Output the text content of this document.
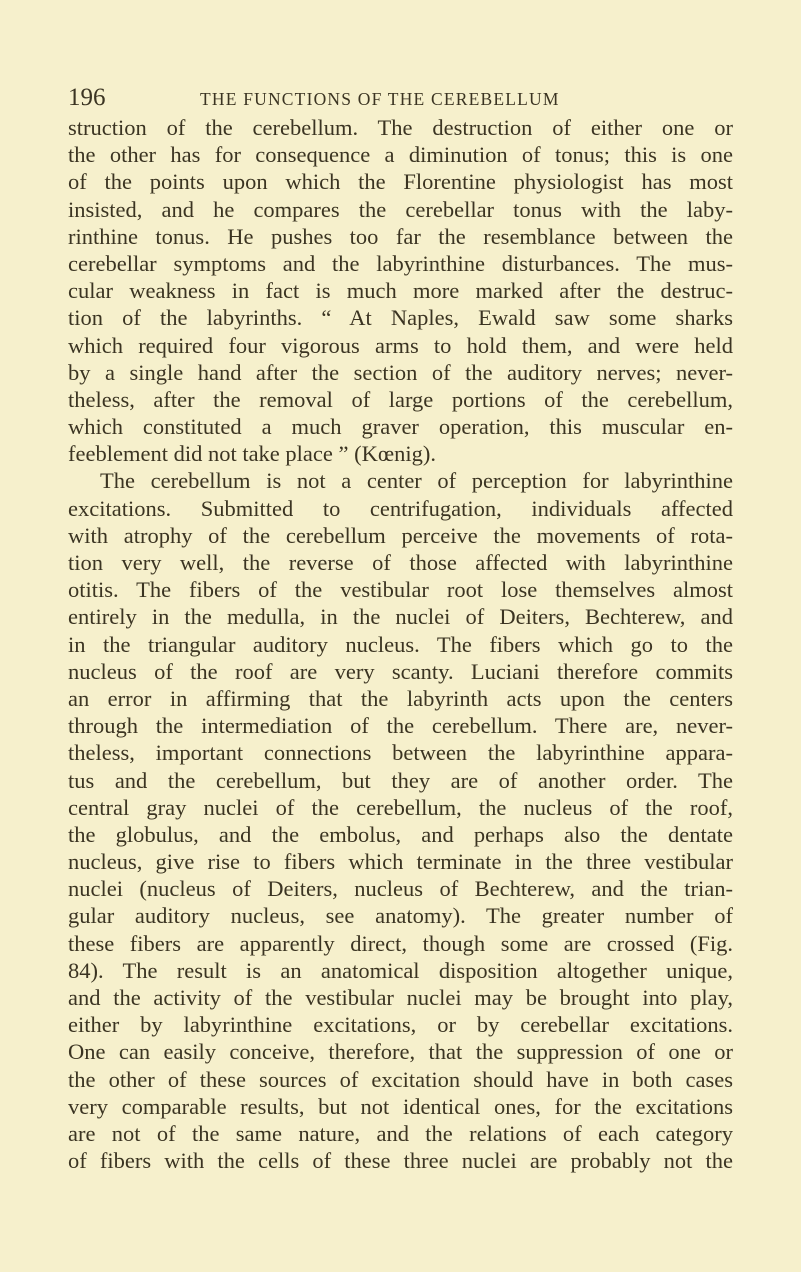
196	THE FUNCTIONS OF THE CEREBELLUM
struction of the cerebellum. The destruction of either one or
the other has for consequence a diminution of tonus; this is one
of the points upon which the Florentine physiologist has most
insisted, and he compares the cerebellar tonus with the laby-
rinthine tonus. He pushes too far the resemblance between the
cerebellar symptoms and the labyrinthine disturbances. The mus-
cular weakness in fact is much more marked after the destruc-
tion of the labyrinths. “ At Naples, Ewald saw some sharks
which required four vigorous arms to hold them, and were held
by a single hand after the section of the auditory nerves; never-
theless, after the removal of large portions of the cerebellum,
which constituted a much graver operation, this muscular en-
feeblement did not take place ” (Kœnig).
The cerebellum is not a center of perception for labyrinthine
excitations. Submitted to centrifugation, individuals affected
with atrophy of the cerebellum perceive the movements of rota-
tion very well, the reverse of those affected with labyrinthine
otitis. The fibers of the vestibular root lose themselves almost
entirely in the medulla, in the nuclei of Deiters, Bechterew, and
in the triangular auditory nucleus. The fibers which go to the
nucleus of the roof are very scanty. Luciani therefore commits
an error in affirming that the labyrinth acts upon the centers
through the intermediation of the cerebellum. There are, never-
theless, important connections between the labyrinthine appara-
tus and the cerebellum, but they are of another order. The
central gray nuclei of the cerebellum, the nucleus of the roof,
the globulus, and the embolus, and perhaps also the dentate
nucleus, give rise to fibers which terminate in the three vestibular
nuclei (nucleus of Deiters, nucleus of Bechterew, and the trian-
gular auditory nucleus, see anatomy). The greater number of
these fibers are apparently direct, though some are crossed (Fig.
84). The result is an anatomical disposition altogether unique,
and the activity of the vestibular nuclei may be brought into play,
either by labyrinthine excitations, or by cerebellar excitations.
One can easily conceive, therefore, that the suppression of one or
the other of these sources of excitation should have in both cases
very comparable results, but not identical ones, for the excitations
are not of the same nature, and the relations of each category
of fibers with the cells of these three nuclei are probably not the
